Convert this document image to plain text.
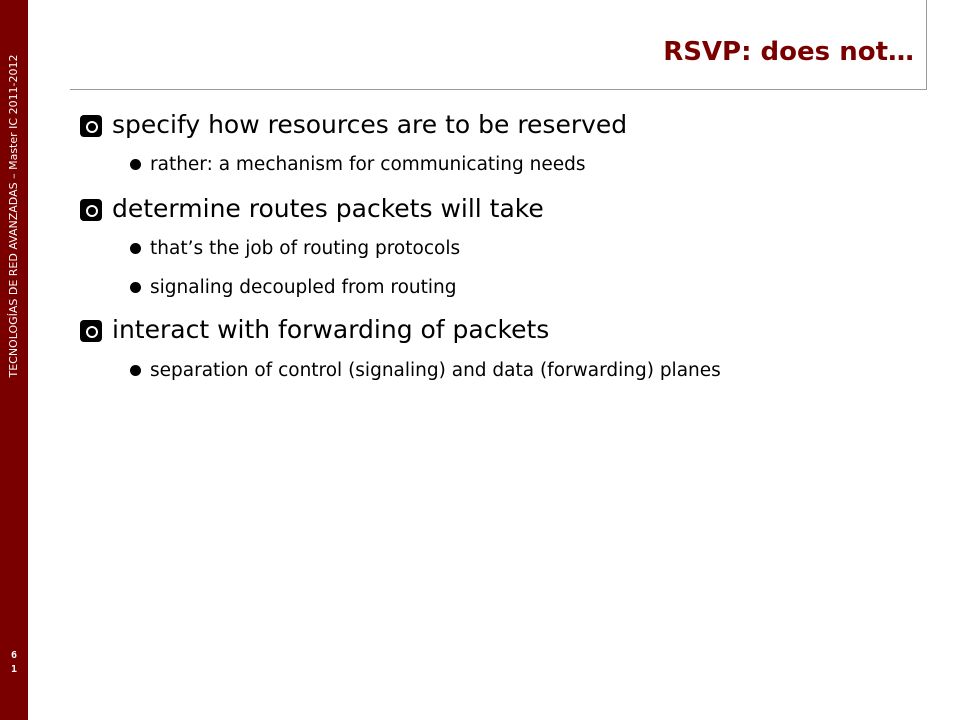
TECNOLOGÍAS DE RED AVANZADAS – Master IC 2011-2012
6
1
RSVP: does not…
specify how resources are to be reserved
rather: a mechanism for communicating needs
determine routes packets will take
that’s the job of routing protocols
signaling decoupled from routing
interact with forwarding of packets
separation of control (signaling) and data (forwarding) planes
